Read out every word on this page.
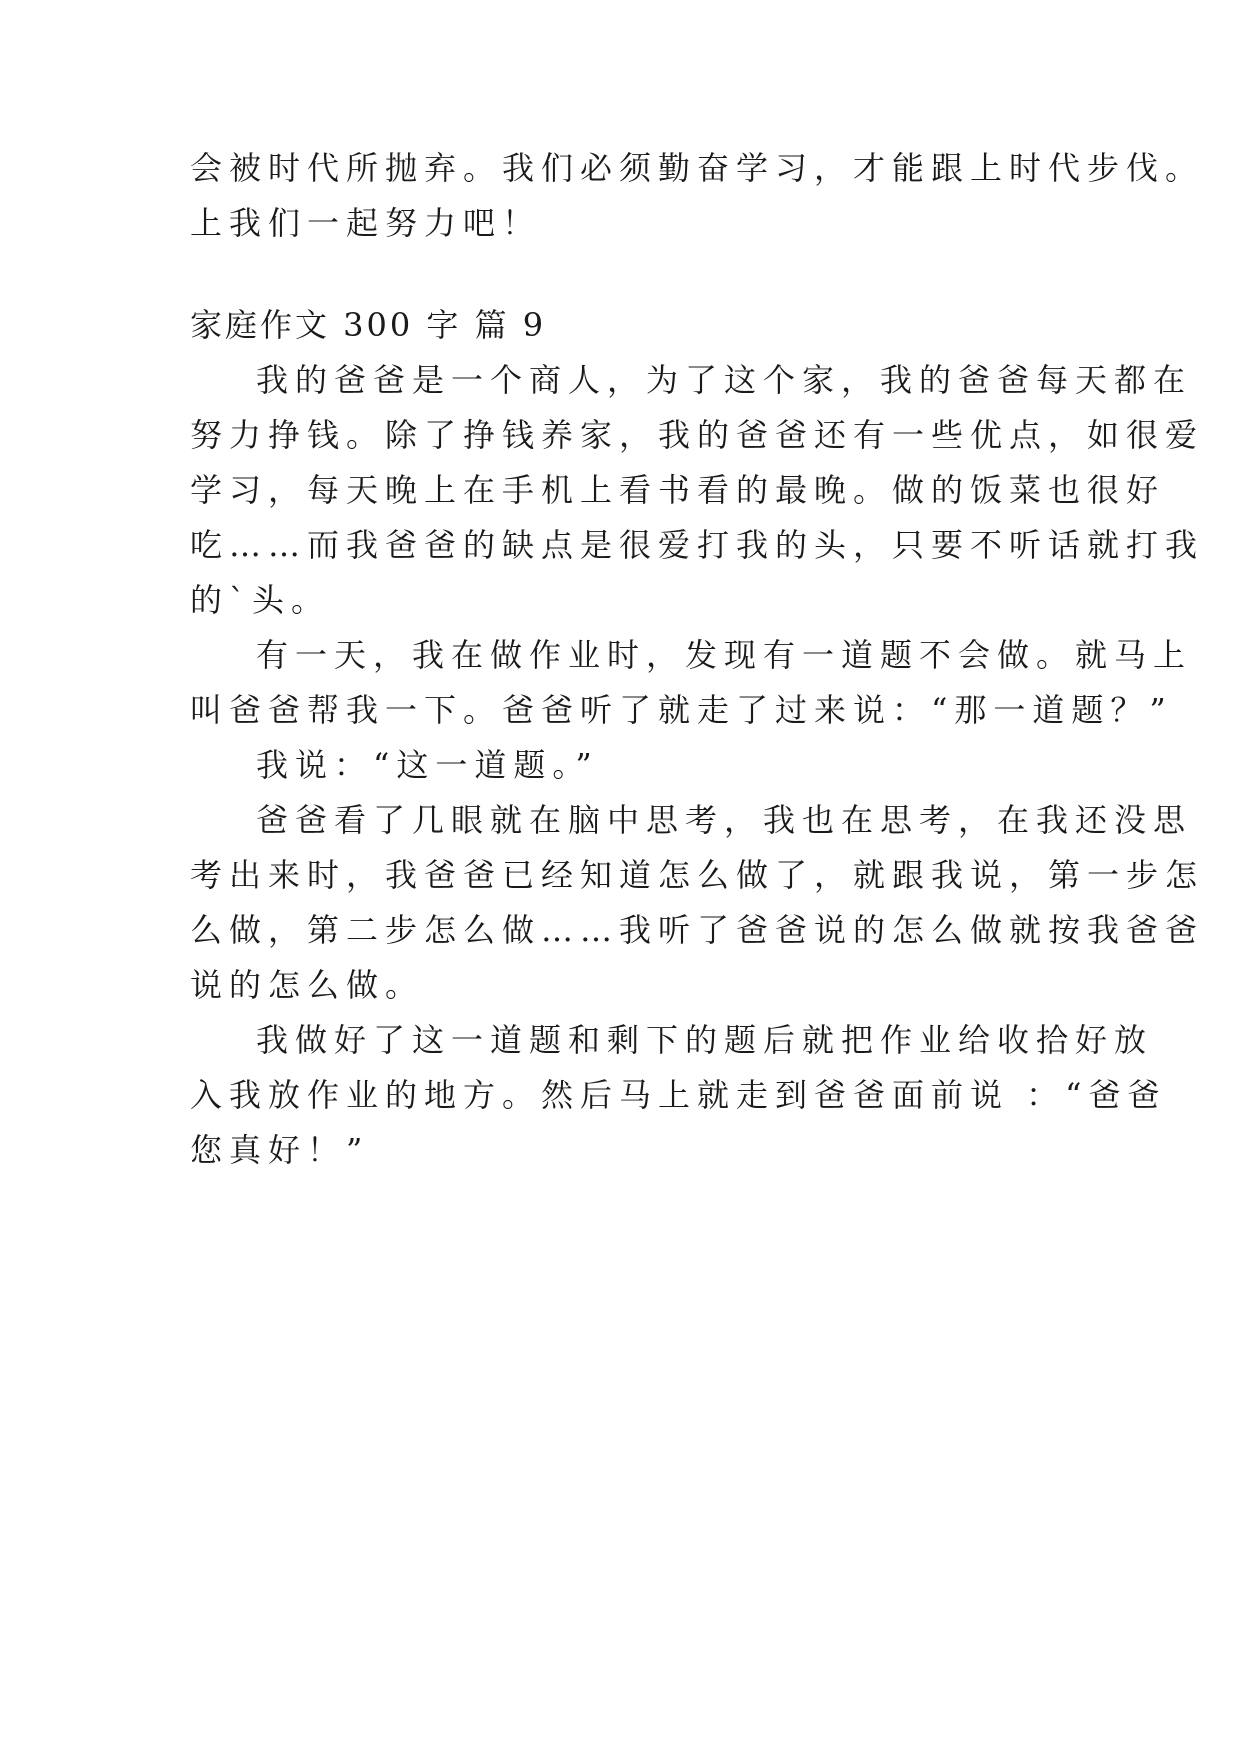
会被时代所抛弃。我们必须勤奋学习，才能跟上时代步伐。
上我们一起努力吧！
家庭作文 300 字 篇 9
我的爸爸是一个商人，为了这个家，我的爸爸每天都在
努力挣钱。除了挣钱养家，我的爸爸还有一些优点，如很爱
学习，每天晚上在手机上看书看的最晚。做的饭菜也很好
吃……而我爸爸的缺点是很爱打我的头，只要不听话就打我
的`头。
有一天，我在做作业时，发现有一道题不会做。就马上
叫爸爸帮我一下。爸爸听了就走了过来说：“那一道题？”
我说：“这一道题。”
爸爸看了几眼就在脑中思考，我也在思考，在我还没思
考出来时，我爸爸已经知道怎么做了，就跟我说，第一步怎
么做，第二步怎么做……我听了爸爸说的怎么做就按我爸爸
说的怎么做。
我做好了这一道题和剩下的题后就把作业给收拾好放
入我放作业的地方。然后马上就走到爸爸面前说 ：“爸爸
您真好！”
